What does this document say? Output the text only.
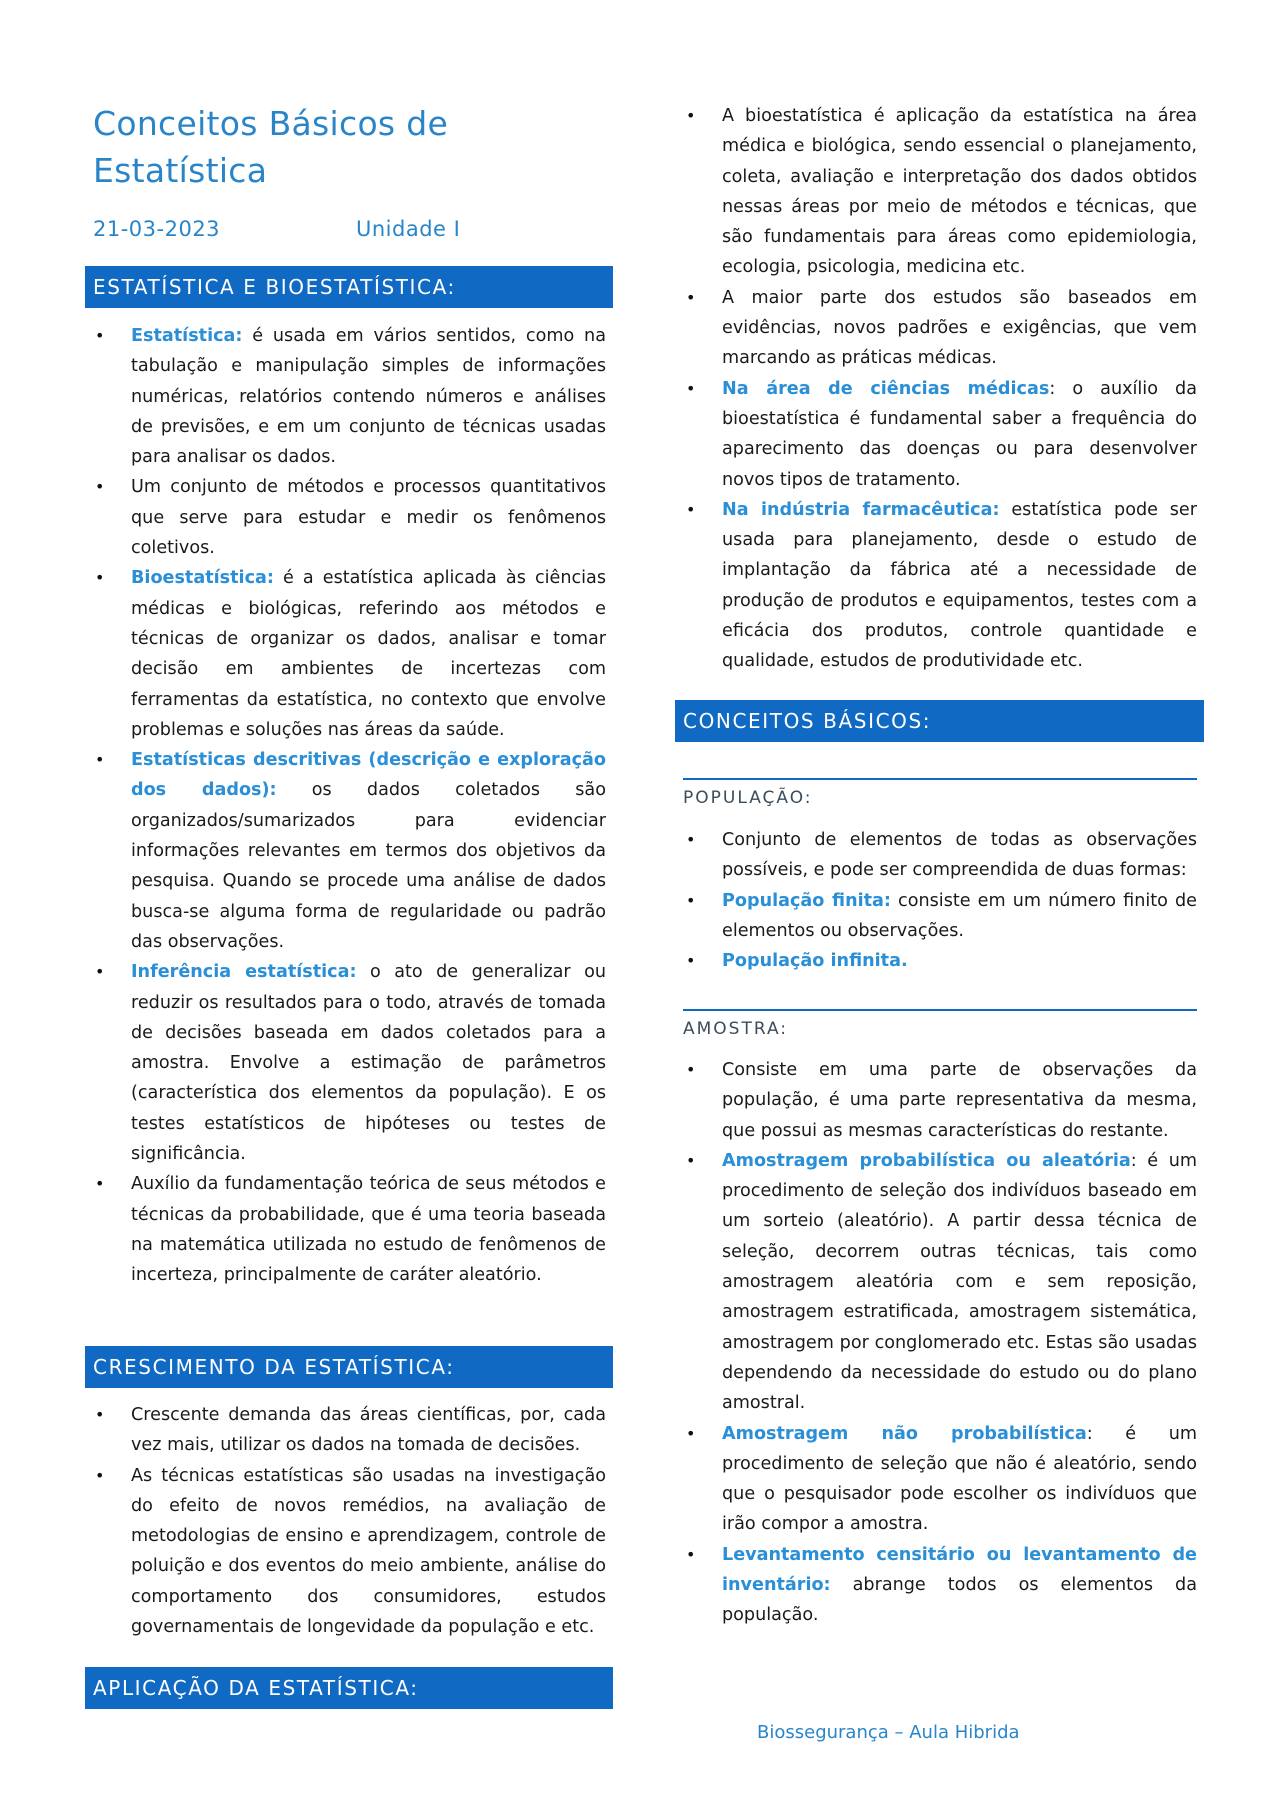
Conceitos Básicos de Estatística
21-03-2023	Unidade I
ESTATÍSTICA E BIOESTATÍSTICA:
• Estatística: é usada em vários sentidos, como na tabulação e manipulação simples de informações numéricas, relatórios contendo números e análises de previsões, e em um conjunto de técnicas usadas para analisar os dados.
• Um conjunto de métodos e processos quantitativos que serve para estudar e medir os fenômenos coletivos.
• Bioestatística: é a estatística aplicada às ciências médicas e biológicas, referindo aos métodos e técnicas de organizar os dados, analisar e tomar decisão em ambientes de incertezas com ferramentas da estatística, no contexto que envolve problemas e soluções nas áreas da saúde.
• Estatísticas descritivas (descrição e exploração dos dados): os dados coletados são organizados/sumarizados para evidenciar informações relevantes em termos dos objetivos da pesquisa. Quando se procede uma análise de dados busca-se alguma forma de regularidade ou padrão das observações.
• Inferência estatística: o ato de generalizar ou reduzir os resultados para o todo, através de tomada de decisões baseada em dados coletados para a amostra. Envolve a estimação de parâmetros (característica dos elementos da população). E os testes estatísticos de hipóteses ou testes de significância.
• Auxílio da fundamentação teórica de seus métodos e técnicas da probabilidade, que é uma teoria baseada na matemática utilizada no estudo de fenômenos de incerteza, principalmente de caráter aleatório.
CRESCIMENTO DA ESTATÍSTICA:
• Crescente demanda das áreas científicas, por, cada vez mais, utilizar os dados na tomada de decisões.
• As técnicas estatísticas são usadas na investigação do efeito de novos remédios, na avaliação de metodologias de ensino e aprendizagem, controle de poluição e dos eventos do meio ambiente, análise do comportamento dos consumidores, estudos governamentais de longevidade da população e etc.
APLICAÇÃO DA ESTATÍSTICA:
• A bioestatística é aplicação da estatística na área médica e biológica, sendo essencial o planejamento, coleta, avaliação e interpretação dos dados obtidos nessas áreas por meio de métodos e técnicas, que são fundamentais para áreas como epidemiologia, ecologia, psicologia, medicina etc.
• A maior parte dos estudos são baseados em evidências, novos padrões e exigências, que vem marcando as práticas médicas.
• Na área de ciências médicas: o auxílio da bioestatística é fundamental saber a frequência do aparecimento das doenças ou para desenvolver novos tipos de tratamento.
• Na indústria farmacêutica: estatística pode ser usada para planejamento, desde o estudo de implantação da fábrica até a necessidade de produção de produtos e equipamentos, testes com a eficácia dos produtos, controle quantidade e qualidade, estudos de produtividade etc.
CONCEITOS BÁSICOS:
POPULAÇÃO:
• Conjunto de elementos de todas as observações possíveis, e pode ser compreendida de duas formas:
• População finita: consiste em um número finito de elementos ou observações.
• População infinita.
AMOSTRA:
• Consiste em uma parte de observações da população, é uma parte representativa da mesma, que possui as mesmas características do restante.
• Amostragem probabilística ou aleatória: é um procedimento de seleção dos indivíduos baseado em um sorteio (aleatório). A partir dessa técnica de seleção, decorrem outras técnicas, tais como amostragem aleatória com e sem reposição, amostragem estratificada, amostragem sistemática, amostragem por conglomerado etc. Estas são usadas dependendo da necessidade do estudo ou do plano amostral.
• Amostragem não probabilística: é um procedimento de seleção que não é aleatório, sendo que o pesquisador pode escolher os indivíduos que irão compor a amostra.
• Levantamento censitário ou levantamento de inventário: abrange todos os elementos da população.
Biossegurança – Aula Hibrida
